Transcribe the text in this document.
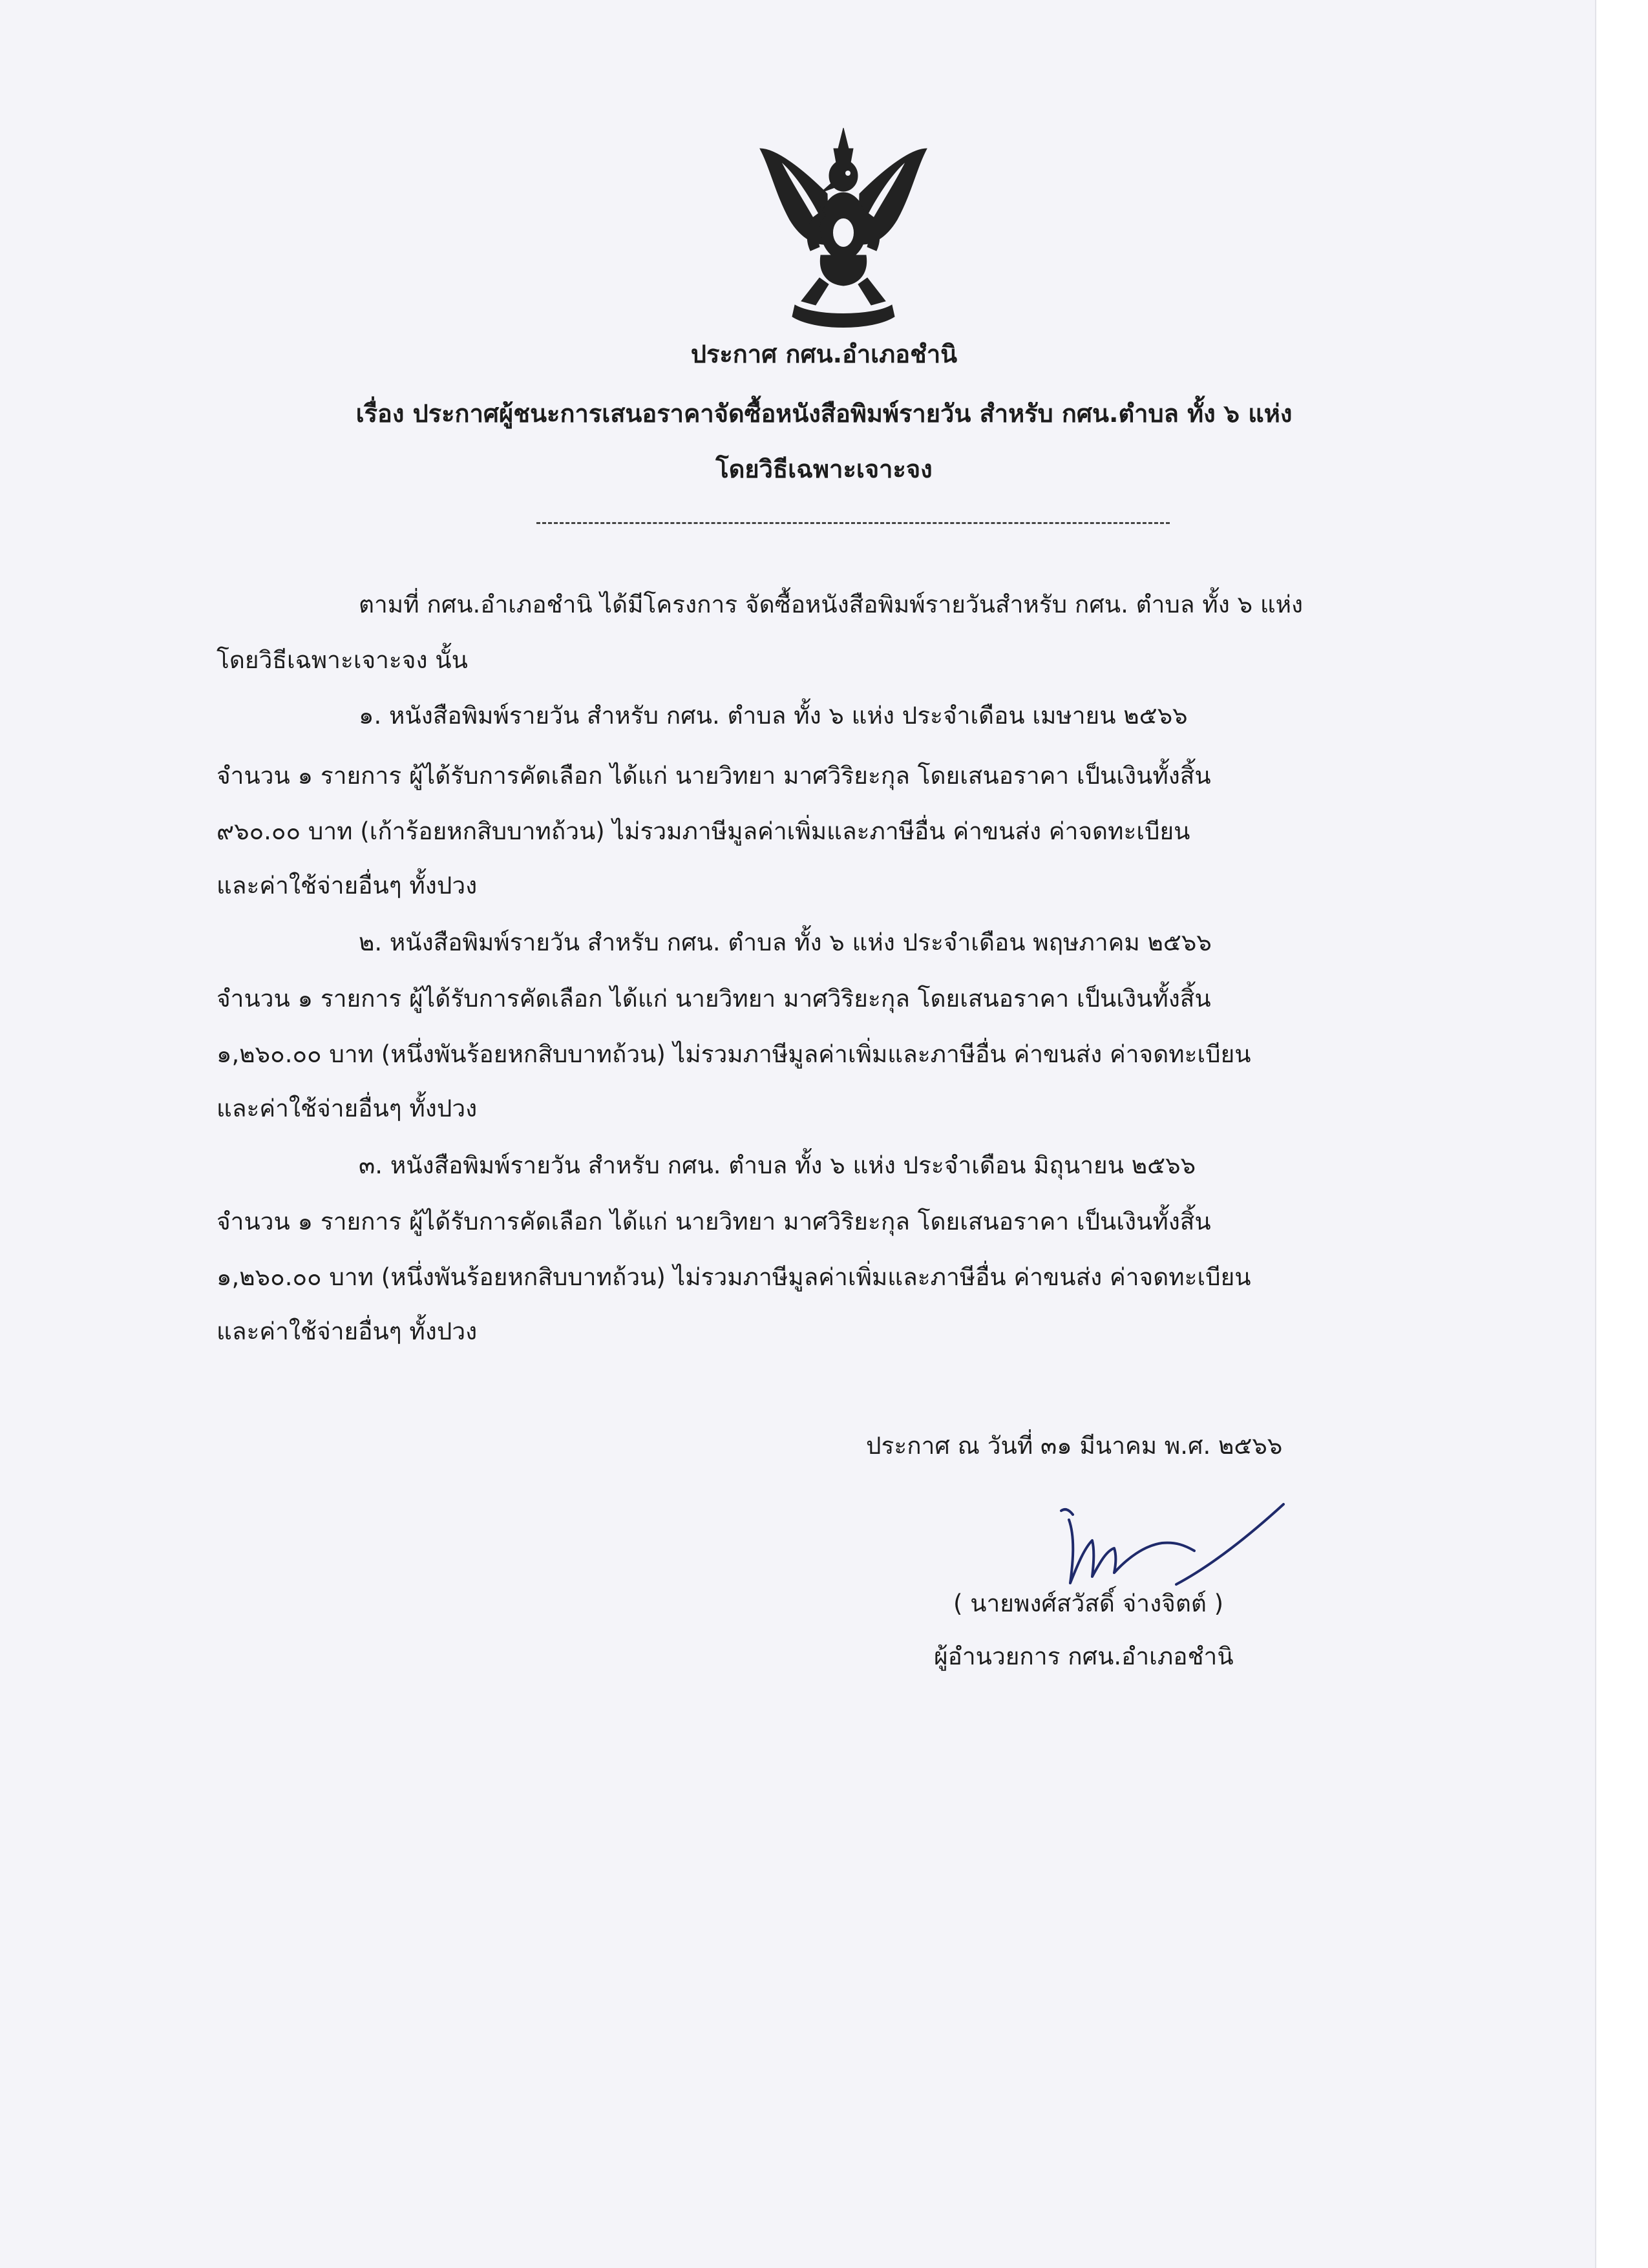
ประกาศ กศน.อำเภอชำนิ
เรื่อง ประกาศผู้ชนะการเสนอราคาจัดซื้อหนังสือพิมพ์รายวัน สำหรับ กศน.ตำบล ทั้ง ๖ แห่ง
โดยวิธีเฉพาะเจาะจง
ตามที่ กศน.อำเภอชำนิ ได้มีโครงการ จัดซื้อหนังสือพิมพ์รายวันสำหรับ กศน. ตำบล ทั้ง ๖ แห่ง
โดยวิธีเฉพาะเจาะจง นั้น
๑. หนังสือพิมพ์รายวัน สำหรับ กศน. ตำบล ทั้ง ๖ แห่ง ประจำเดือน เมษายน ๒๕๖๖
จำนวน ๑ รายการ ผู้ได้รับการคัดเลือก ได้แก่ นายวิทยา มาศวิริยะกุล โดยเสนอราคา เป็นเงินทั้งสิ้น
๙๖๐.๐๐ บาท (เก้าร้อยหกสิบบาทถ้วน) ไม่รวมภาษีมูลค่าเพิ่มและภาษีอื่น ค่าขนส่ง ค่าจดทะเบียน
และค่าใช้จ่ายอื่นๆ ทั้งปวง
๒. หนังสือพิมพ์รายวัน สำหรับ กศน. ตำบล ทั้ง ๖ แห่ง ประจำเดือน พฤษภาคม ๒๕๖๖
จำนวน ๑ รายการ ผู้ได้รับการคัดเลือก ได้แก่ นายวิทยา มาศวิริยะกุล โดยเสนอราคา เป็นเงินทั้งสิ้น
๑,๒๖๐.๐๐ บาท (หนึ่งพันร้อยหกสิบบาทถ้วน) ไม่รวมภาษีมูลค่าเพิ่มและภาษีอื่น ค่าขนส่ง ค่าจดทะเบียน
และค่าใช้จ่ายอื่นๆ ทั้งปวง
๓. หนังสือพิมพ์รายวัน สำหรับ กศน. ตำบล ทั้ง ๖ แห่ง ประจำเดือน มิถุนายน ๒๕๖๖
จำนวน ๑ รายการ ผู้ได้รับการคัดเลือก ได้แก่ นายวิทยา มาศวิริยะกุล โดยเสนอราคา เป็นเงินทั้งสิ้น
๑,๒๖๐.๐๐ บาท (หนึ่งพันร้อยหกสิบบาทถ้วน) ไม่รวมภาษีมูลค่าเพิ่มและภาษีอื่น ค่าขนส่ง ค่าจดทะเบียน
และค่าใช้จ่ายอื่นๆ ทั้งปวง
ประกาศ ณ วันที่ ๓๑ มีนาคม พ.ศ. ๒๕๖๖
( นายพงศ์สวัสดิ์ จ่างจิตต์ )
ผู้อำนวยการ กศน.อำเภอชำนิ
